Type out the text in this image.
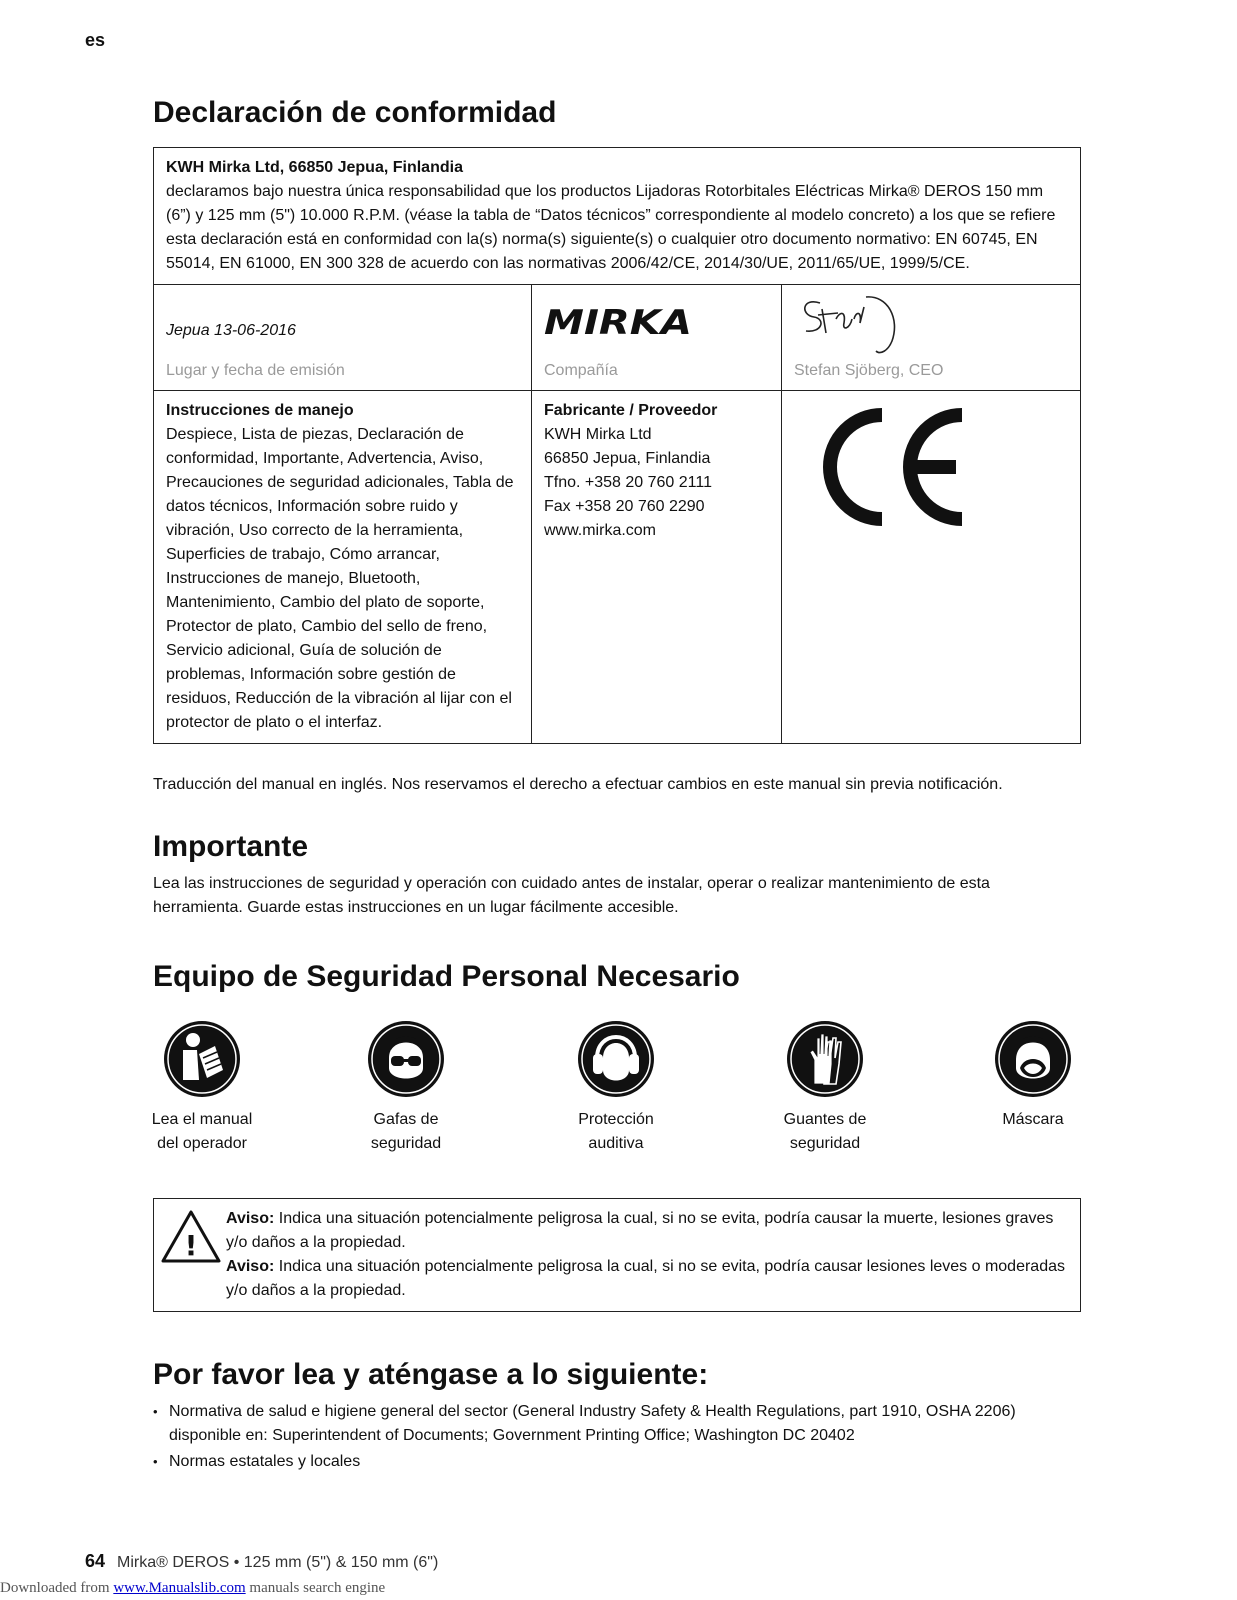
es
Declaración de conformidad
KWH Mirka Ltd, 66850 Jepua, Finlandia
declaramos bajo nuestra única responsabilidad que los productos Lijadoras Rotorbitales Eléctricas Mirka® DEROS 150 mm (6”) y 125 mm (5") 10.000 R.P.M. (véase la tabla de “Datos técnicos” correspondiente al modelo concreto) a los que se refiere esta declaración está en conformidad con la(s) norma(s) siguiente(s) o cualquier otro documento normativo: EN 60745, EN 55014, EN 61000, EN 300 328 de acuerdo con las normativas 2006/42/CE, 2014/30/UE, 2011/65/UE, 1999/5/CE.
Jepua 13-06-2016
Lugar y fecha de emisión
MIRKA
Compañía	Stefan Sjöberg, CEO
Instrucciones de manejo
Despiece, Lista de piezas, Declaración de conformidad, Importante, Advertencia, Aviso, Precauciones de seguridad adicionales, Tabla de datos técnicos, Información sobre ruido y vibración, Uso correcto de la herramienta, Superficies de trabajo, Cómo arrancar, Instrucciones de manejo, Bluetooth, Mantenimiento, Cambio del plato de soporte, Protector de plato, Cambio del sello de freno, Servicio adicional, Guía de solución de problemas, Información sobre gestión de residuos, Reducción de la vibración al lijar con el protector de plato o el interfaz.
Fabricante / Proveedor
KWH Mirka Ltd
66850 Jepua, Finlandia
Tfno. +358 20 760 2111
Fax +358 20 760 2290
www.mirka.com
Traducción del manual en inglés. Nos reservamos el derecho a efectuar cambios en este manual sin previa notificación.
Importante
Lea las instrucciones de seguridad y operación con cuidado antes de instalar, operar o realizar mantenimiento de esta herramienta. Guarde estas instrucciones en un lugar fácilmente accesible.
Equipo de Seguridad Personal Necesario
Lea el manual
del operador
Gafas de
seguridad
Protección
auditiva
Guantes de
seguridad
Máscara

!
Aviso: Indica una situación potencialmente peligrosa la cual, si no se evita, podría causar la muerte, lesiones graves y/o daños a la propiedad.
Aviso: Indica una situación potencialmente peligrosa la cual, si no se evita, podría causar lesiones leves o moderadas y/o daños a la propiedad.
Por favor lea y aténgase a lo siguiente:
• Normativa de salud e higiene general del sector (General Industry Safety & Health Regulations, part 1910, OSHA 2206) disponible en: Superintendent of Documents; Government Printing Office; Washington DC 20402
• Normas estatales y locales
64 Mirka® DEROS • 125 mm (5") & 150 mm (6")
Downloaded from www.Manualslib.com manuals search engine
